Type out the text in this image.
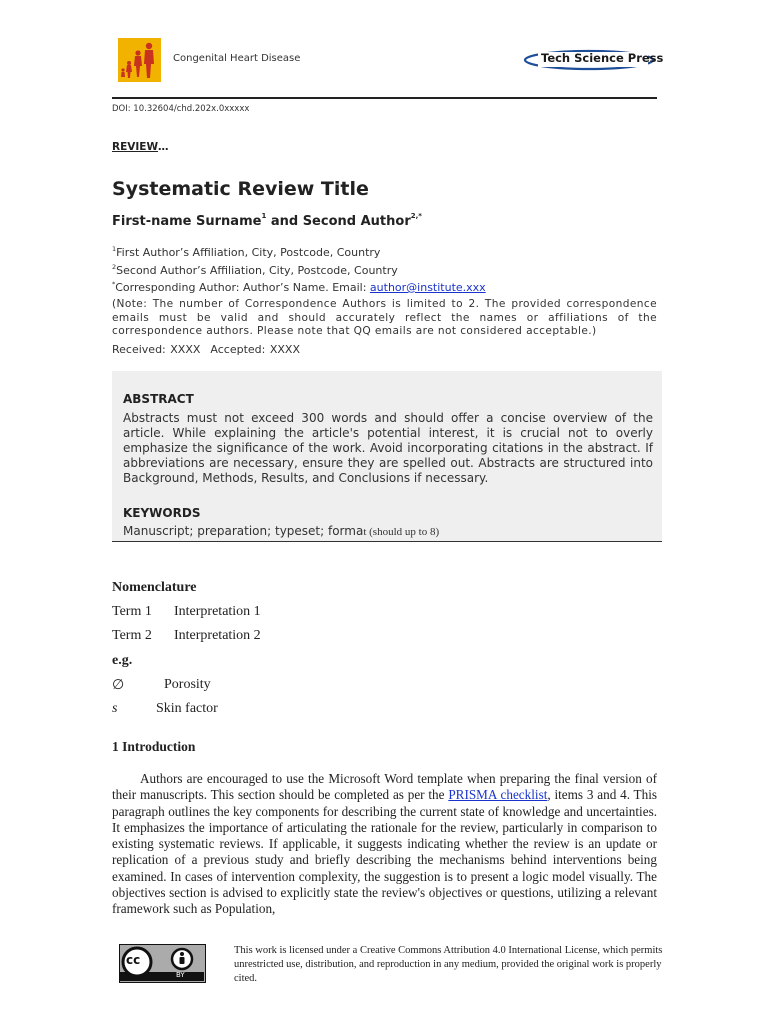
Congenital Heart Disease	Tech Science Press
DOI: 10.32604/chd.202x.0xxxxx
REVIEW…
Systematic Review Title
First-name Surname$^1$ and Second Author$^{2,*}$
$^1$First Author’s Affiliation, City, Postcode, Country
$^2$Second Author’s Affiliation, City, Postcode, Country
*Corresponding Author: Author’s Name. Email: author@institute.xxx
(Note: The number of Correspondence Authors is limited to 2. The provided correspondence emails must be valid and should accurately reflect the names or affiliations of the correspondence authors. Please note that QQ emails are not considered acceptable.)
Received: XXXX Accepted: XXXX
ABSTRACT
Abstracts must not exceed 300 words and should offer a concise overview of the article. While explaining the article's potential interest, it is crucial not to overly emphasize the significance of the work. Avoid incorporating citations in the abstract. If abbreviations are necessary, ensure they are spelled out. Abstracts are structured into Background, Methods, Results, and Conclusions if necessary.
KEYWORDS
Manuscript; preparation; typeset; format (should up to 8)
Nomenclature
Term 1 Interpretation 1
Term 2 Interpretation 2
e.g.
∅	Porosity
s	Skin factor
1 Introduction
Authors are encouraged to use the Microsoft Word template when preparing the final version of their manuscripts. This section should be completed as per the PRISMA checklist, items 3 and 4. This paragraph outlines the key components for describing the current state of knowledge and uncertainties. It emphasizes the importance of articulating the rationale for the review, particularly in comparison to existing systematic reviews. If applicable, it suggests indicating whether the review is an update or replication of a previous study and briefly describing the mechanisms behind interventions being examined. In cases of intervention complexity, the suggestion is to present a logic model visually. The objectives section is advised to explicitly state the review's objectives or questions, utilizing a relevant framework such as Population,
cc
BY
This work is licensed under a Creative Commons Attribution 4.0 International License, which permits unrestricted use, distribution, and reproduction in any medium, provided the original work is properly cited.
